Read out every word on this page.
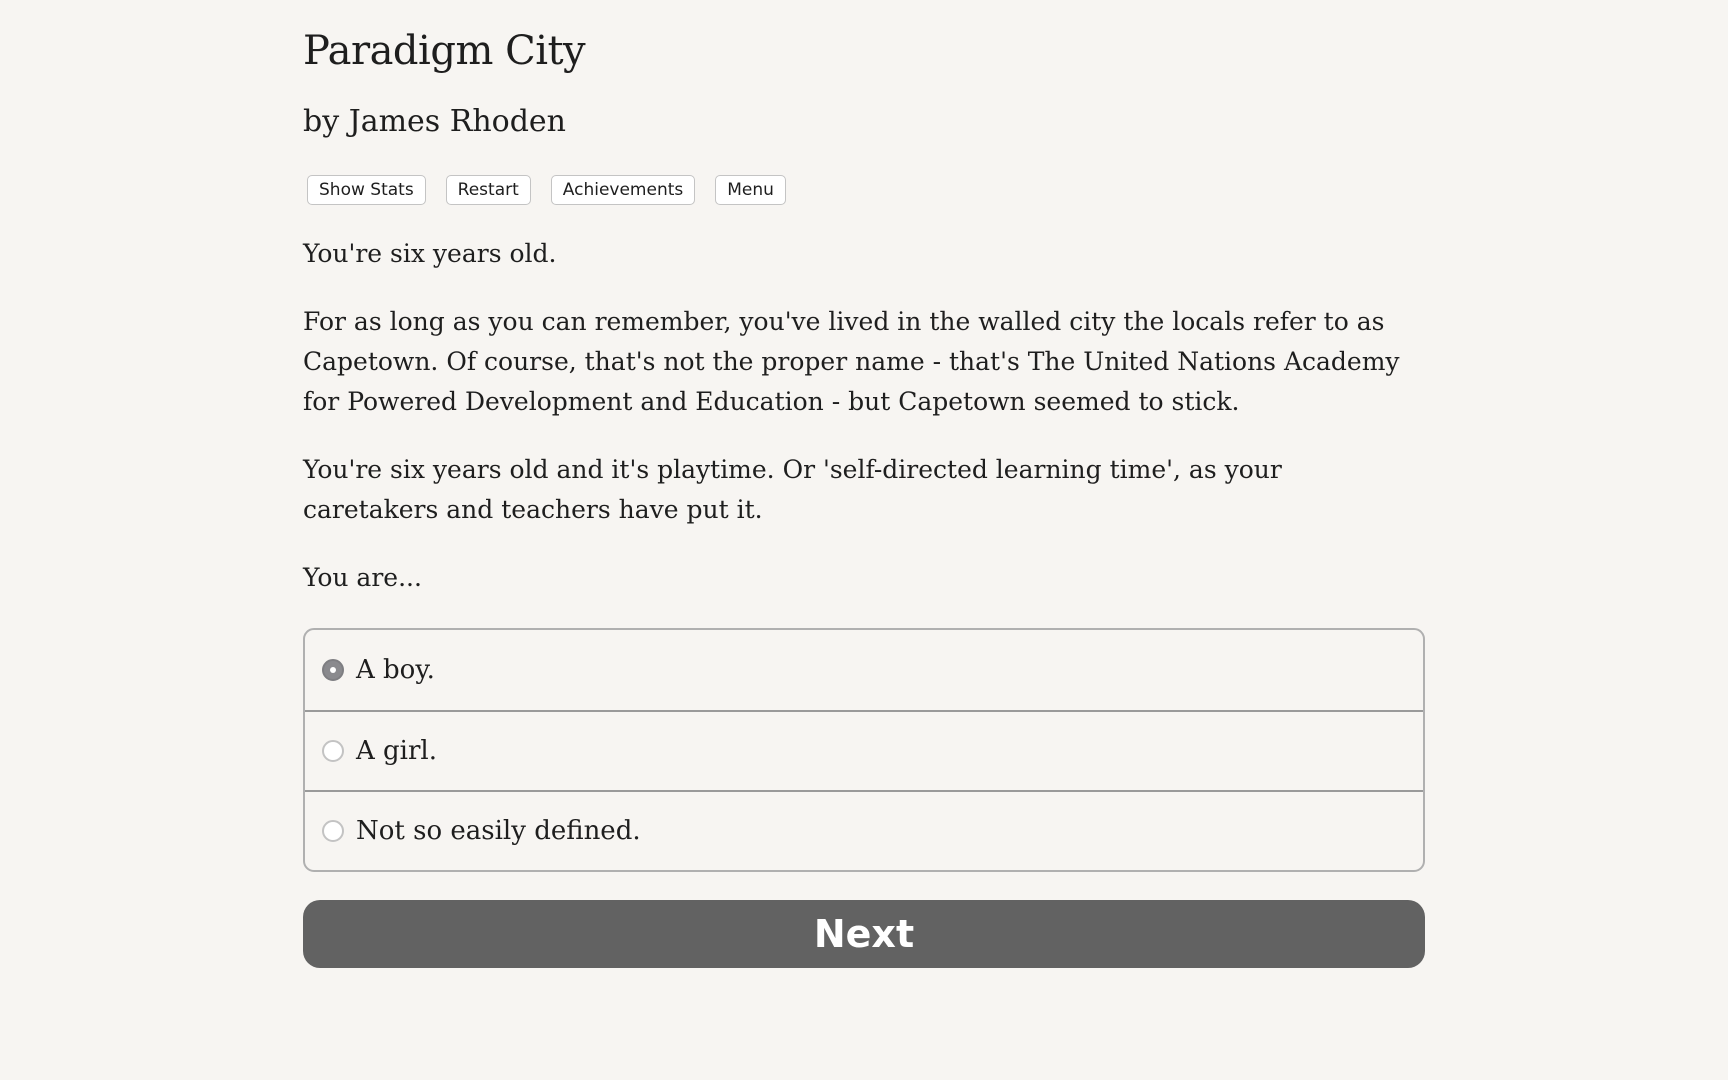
Paradigm City
by James Rhoden
Show Stats	Restart	Achievements	Menu

You're six years old.

For as long as you can remember, you've lived in the walled city the locals refer to as Capetown. Of course, that's not the proper name - that's The United Nations Academy for Powered Development and Education - but Capetown seemed to stick.

You're six years old and it's playtime. Or 'self-directed learning time', as your caretakers and teachers have put it.

You are...

A boy.
A girl.
Not so easily defined.
Next
